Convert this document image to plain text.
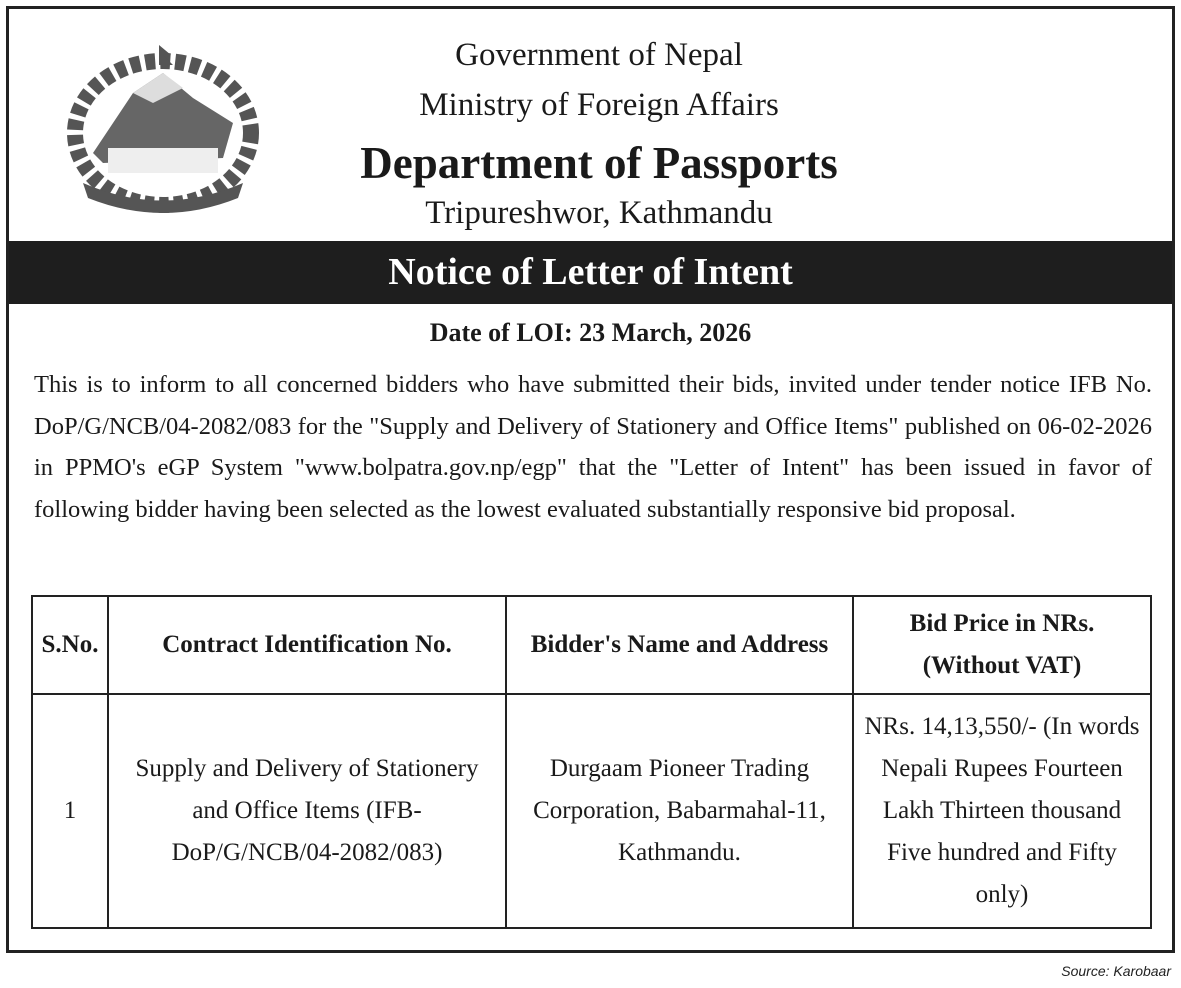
Government of Nepal
Ministry of Foreign Affairs
Department of Passports
Tripureshwor, Kathmandu
Notice of Letter of Intent
Date of LOI: 23 March, 2026
This is to inform to all concerned bidders who have submitted their bids, invited under tender notice IFB No. DoP/G/NCB/04-2082/083 for the "Supply and Delivery of Stationery and Office Items" published on 06-02-2026 in PPMO's eGP System "www.bolpatra.gov.np/egp" that the "Letter of Intent" has been issued in favor of following bidder having been selected as the lowest evaluated substantially responsive bid proposal.
S.No.	Contract Identification No.	Bidder's Name and Address	Bid Price in NRs. (Without VAT)
1	Supply and Delivery of Stationery and Office Items (IFB-DoP/G/NCB/04-2082/083)	Durgaam Pioneer Trading Corporation, Babarmahal-11, Kathmandu.	NRs. 14,13,550/- (In words Nepali Rupees Fourteen Lakh Thirteen thousand Five hundred and Fifty only)
Source: Karobaar
